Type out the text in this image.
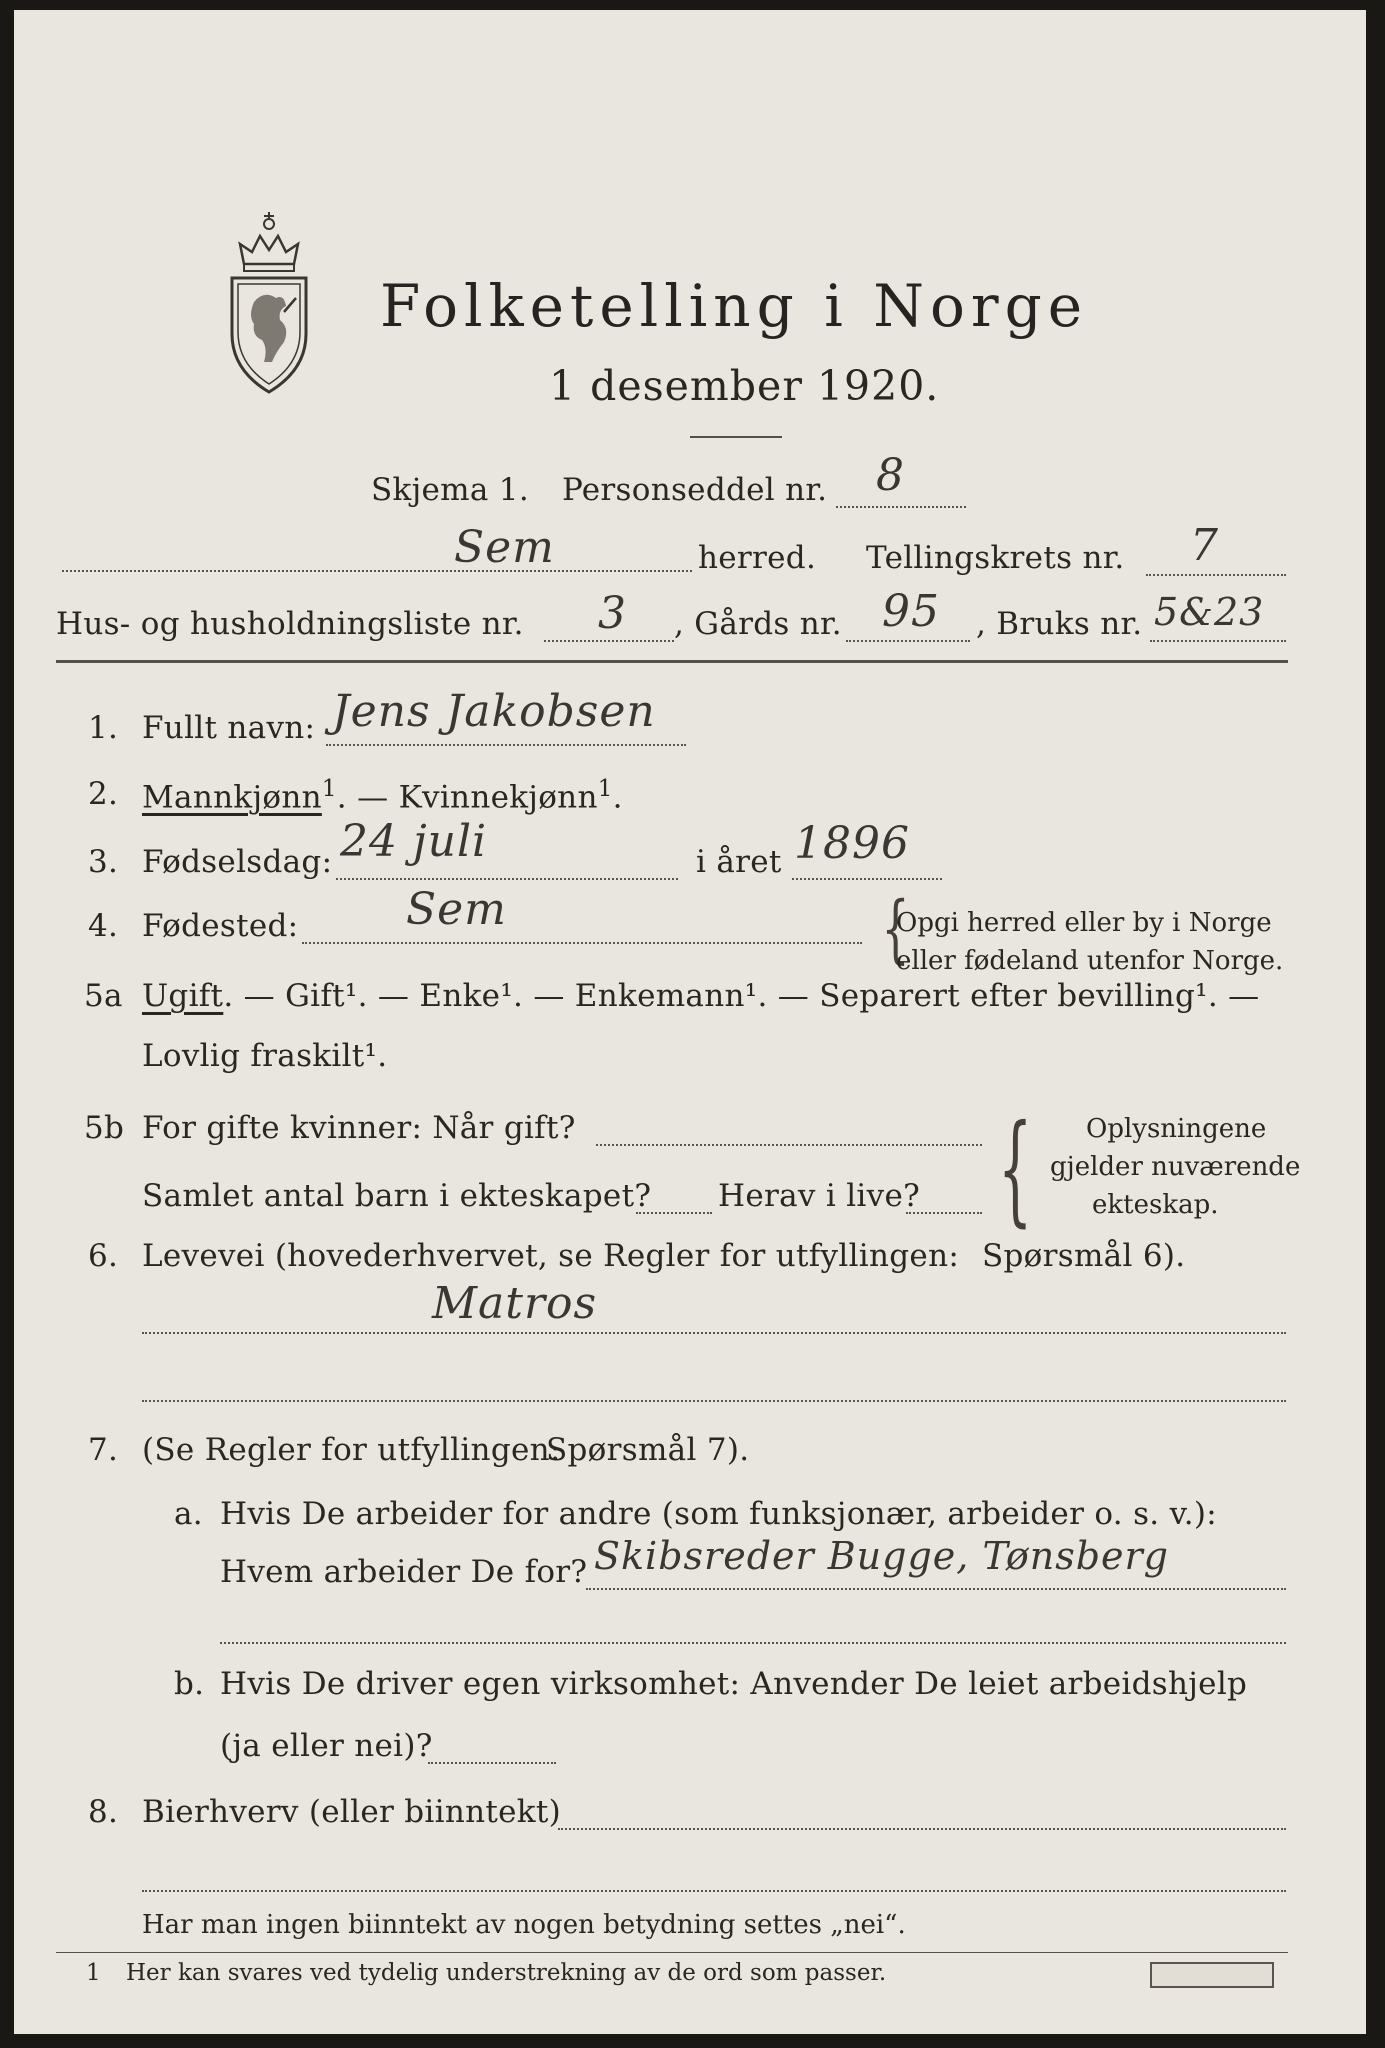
Folketelling i Norge
1 desember 1920.
Skjema 1. Personseddel nr. 8
Sem	herred. Tellingskrets nr. 7
Hus- og husholdningsliste nr. 3 , Gårds nr. 95 , Bruks nr. 5&23
1. Fullt navn: Jens Jakobsen
2. Mannkjønn$^1$. — Kvinnekjønn$^1$.
3. Fødselsdag: 24 juli	i året 1896
4. Fødested: Sem	{
Opgi herred eller by i Norge
eller fødeland utenfor Norge.
5a Ugift. — Gift¹. — Enke¹. — Enkemann¹. — Separert efter bevilling¹. —
Lovlig fraskilt¹.
5b For gifte kvinner: Når gift?
Samlet antal barn i ekteskapet? Herav i live? { Oplysningene
gjelder nuværende
ekteskap.
6. Levevei (hovederhvervet, se Regler for utfyllingen: Spørsmål 6).
Matros
7. (Se Regler for utfyllingen:
Spørsmål 7).
a. Hvis De arbeider for andre (som funksjonær, arbeider o. s. v.):
Hvem arbeider De for? Skibsreder Bugge, Tønsberg
b. Hvis De driver egen virksomhet: Anvender De leiet arbeidshjelp
(ja eller nei)?
8. Bierhverv (eller biinntekt)
Har man ingen biinntekt av nogen betydning settes „nei“.
1 Her kan svares ved tydelig understrekning av de ord som passer.
